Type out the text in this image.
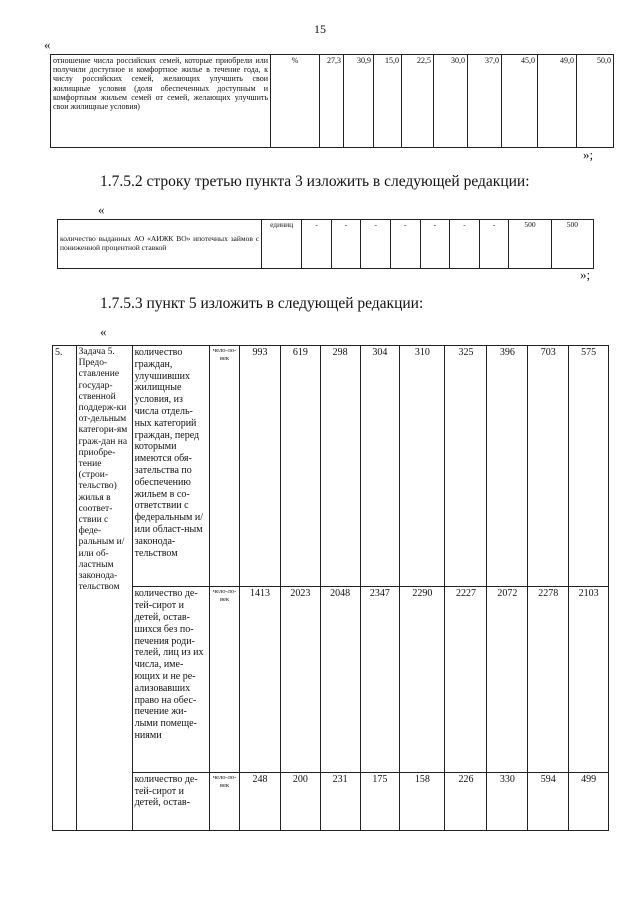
15
«
отношение числа российских семей, которые приобрели или получили доступное и комфортное жилье в течение года, к числу российских семей, желающих улучшить свои жилищные условия (доля обеспеченных доступным и комфортным жильем семей от семей, желающих улучшить свои жилищные условия)	%	27,3	30,9	15,0	22,5	30,0	37,0	45,0	49,0	50,0
»;
1.7.5.2 строку третью пункта 3 изложить в следующей редакции:
«
количество выданных АО «АИЖК ВО» ипотечных займов с пониженной процентной ставкой	единиц	-	-	-	-	-	-	-	500	500
»;
1.7.5.3 пункт 5 изложить в следующей редакции:
«
5.	Задача 5. Предо-ставление государ-ственной поддерж-ки от-дельным категори-ям граж-дан на приобре-тение (строи-тельство) жилья в соответ-ствии с феде-ральным и/или об-ластным законода-тельством	количество граждан, улучшивших жилищные условия, из числа отдель-ных категорий граждан, перед которыми имеются обя-зательства по обеспечению жильем в со-ответствии с федеральным и/или област-ным законода-тельством	чело-ло-век	993	619	298	304	310	325	396	703	575
		количество де-тей-сирот и детей, остав-шихся без по-печения роди-телей, лиц из их числа, име-ющих и не ре-ализовавших право на обес-печение жи-лыми помеще-ниями	чело-ло-век	1413	2023	2048	2347	2290	2227	2072	2278	2103
		количество де-тей-сирот и детей, остав-	чело-ло-век	248	200	231	175	158	226	330	594	499
